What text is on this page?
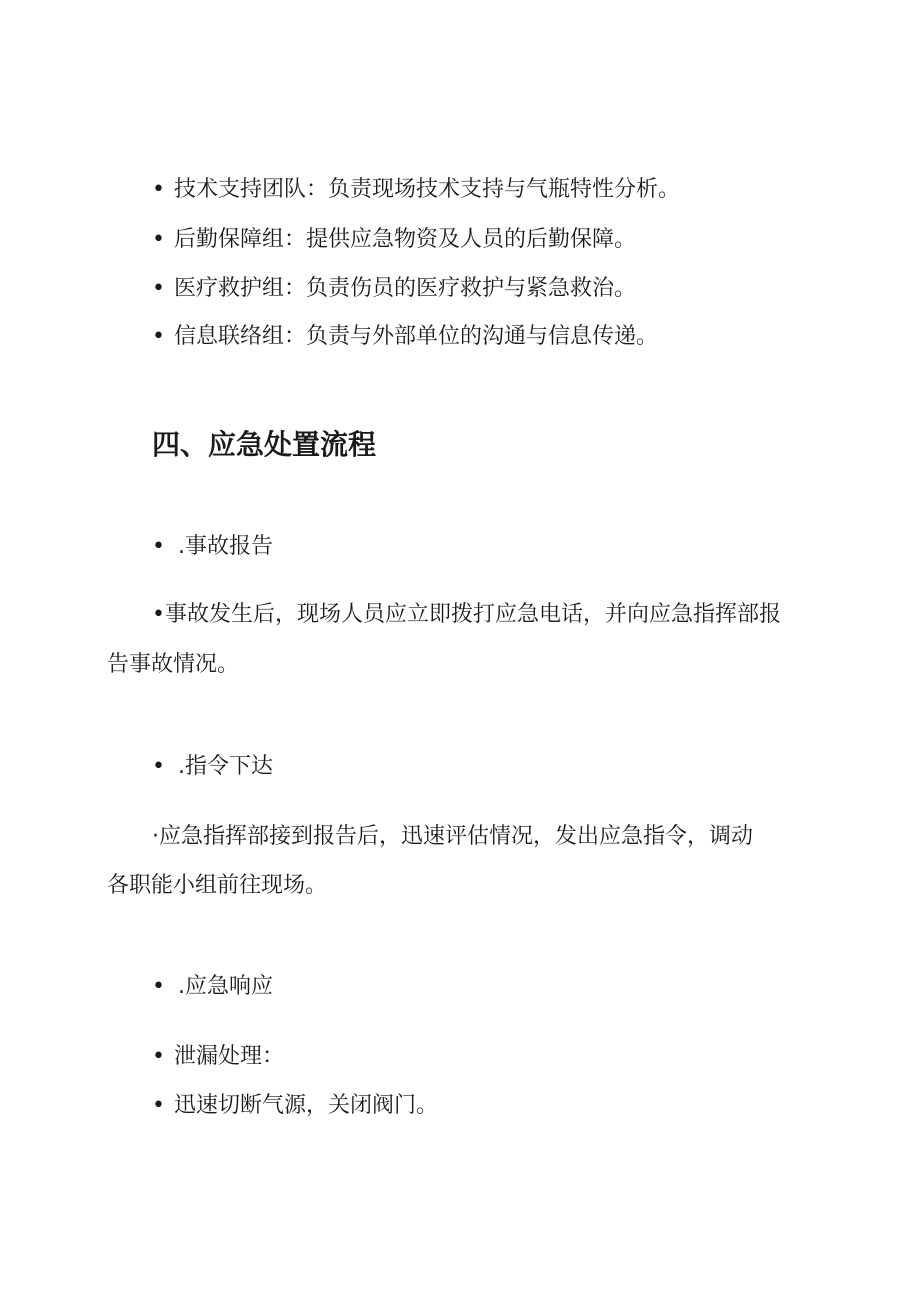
• 技术支持团队：负责现场技术支持与气瓶特性分析。
• 后勤保障组：提供应急物资及人员的后勤保障。
• 医疗救护组：负责伤员的医疗救护与紧急救治。
• 信息联络组：负责与外部单位的沟通与信息传递。
四、应急处置流程
• .事故报告
•事故发生后，现场人员应立即拨打应急电话，并向应急指挥部报
告事故情况。
• .指令下达
·应急指挥部接到报告后，迅速评估情况，发出应急指令，调动
各职能小组前往现场。
• .应急响应
• 泄漏处理：
• 迅速切断气源，关闭阀门。
